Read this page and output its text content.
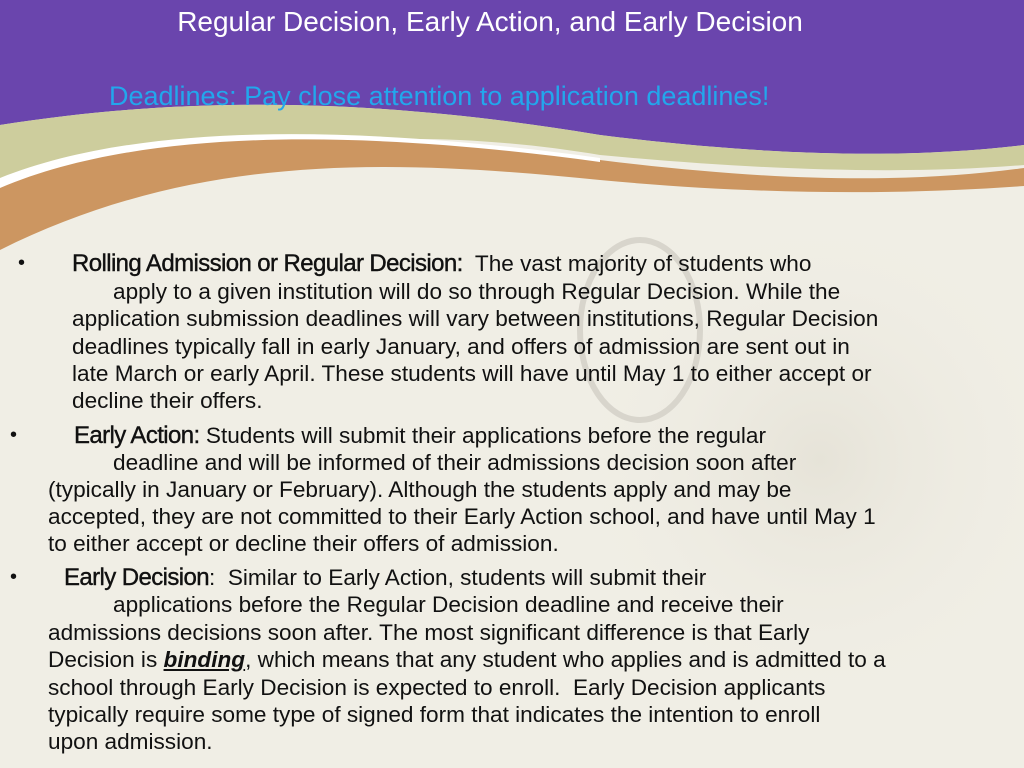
Regular Decision, Early Action, and Early Decision
Deadlines: Pay close attention to application deadlines!
• Rolling Admission or Regular Decision: The vast majority of students who
apply to a given institution will do so through Regular Decision. While the
application submission deadlines will vary between institutions, Regular Decision
deadlines typically fall in early January, and offers of admission are sent out in
late March or early April. These students will have until May 1 to either accept or
decline their offers.
• Early Action: Students will submit their applications before the regular
deadline and will be informed of their admissions decision soon after
(typically in January or February). Although the students apply and may be
accepted, they are not committed to their Early Action school, and have until May 1
to either accept or decline their offers of admission.
• Early Decision: Similar to Early Action, students will submit their
applications before the Regular Decision deadline and receive their
admissions decisions soon after. The most significant difference is that Early
Decision is binding, which means that any student who applies and is admitted to a
school through Early Decision is expected to enroll.  Early Decision applicants
typically require some type of signed form that indicates the intention to enroll
upon admission.
